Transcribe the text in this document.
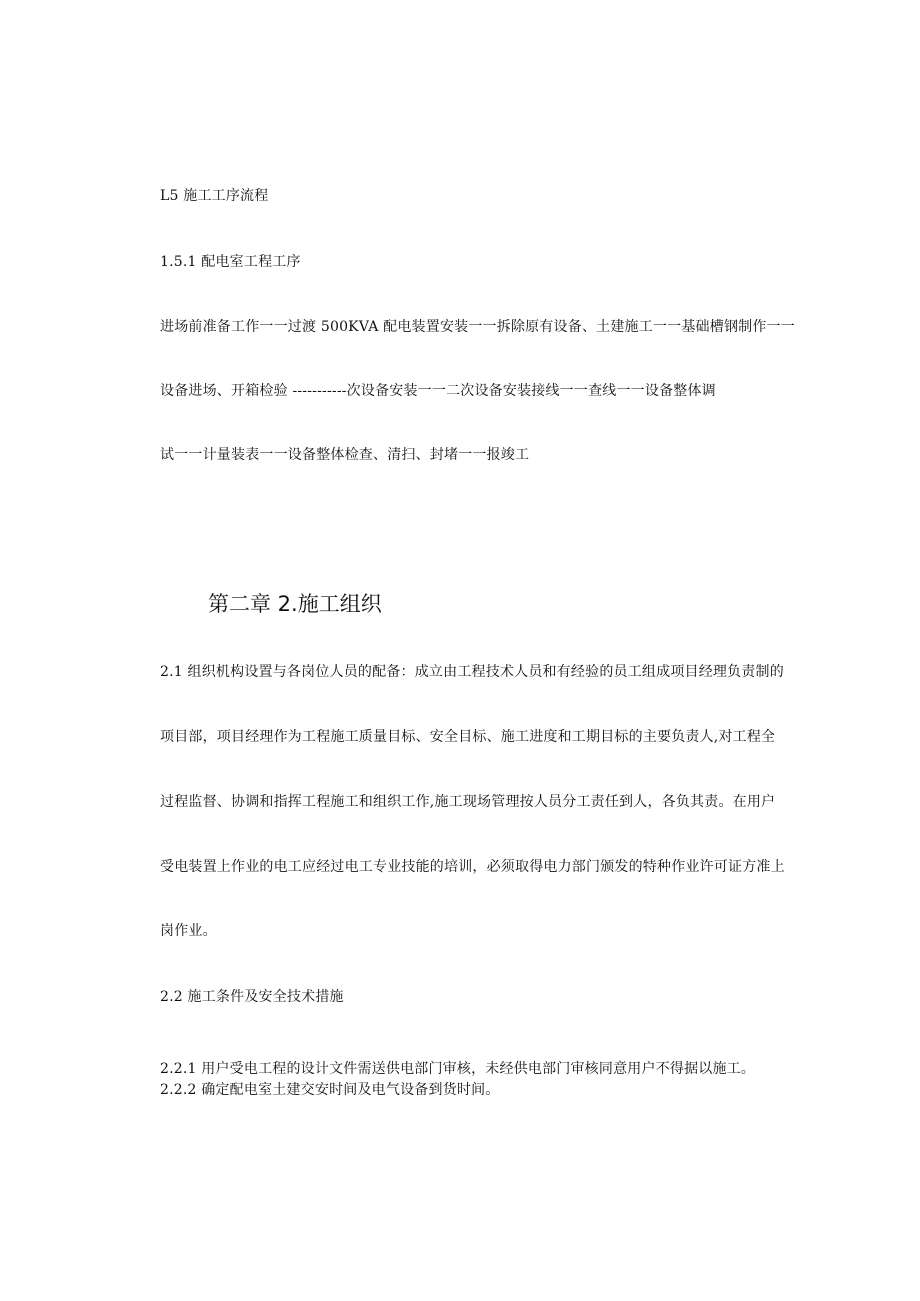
L5 施工工序流程

1.5.1 配电室工程工序

进场前准备工作一一过渡 500KVA 配电装置安装一一拆除原有设备、土建施工一一基础槽钢制作一一

设备进场、开箱检验 -----------次设备安装一一二次设备安装接线一一查线一一设备整体调

试一一计量装表一一设备整体检查、清扫、封堵一一报竣工

第二章 2.施工组织

2.1 组织机构设置与各岗位人员的配备：成立由工程技术人员和有经验的员工组成项目经理负责制的

项目部，项目经理作为工程施工质量目标、安全目标、施工进度和工期目标的主要负责人,对工程全

过程监督、协调和指挥工程施工和组织工作,施工现场管理按人员分工责任到人，各负其责。在用户

受电装置上作业的电工应经过电工专业技能的培训，必须取得电力部门颁发的特种作业许可证方准上

岗作业。

2.2 施工条件及安全技术措施

2.2.1 用户受电工程的设计文件需送供电部门审核，未经供电部门审核同意用户不得据以施工。

2.2.2 确定配电室土建交安时间及电气设备到货时间。
